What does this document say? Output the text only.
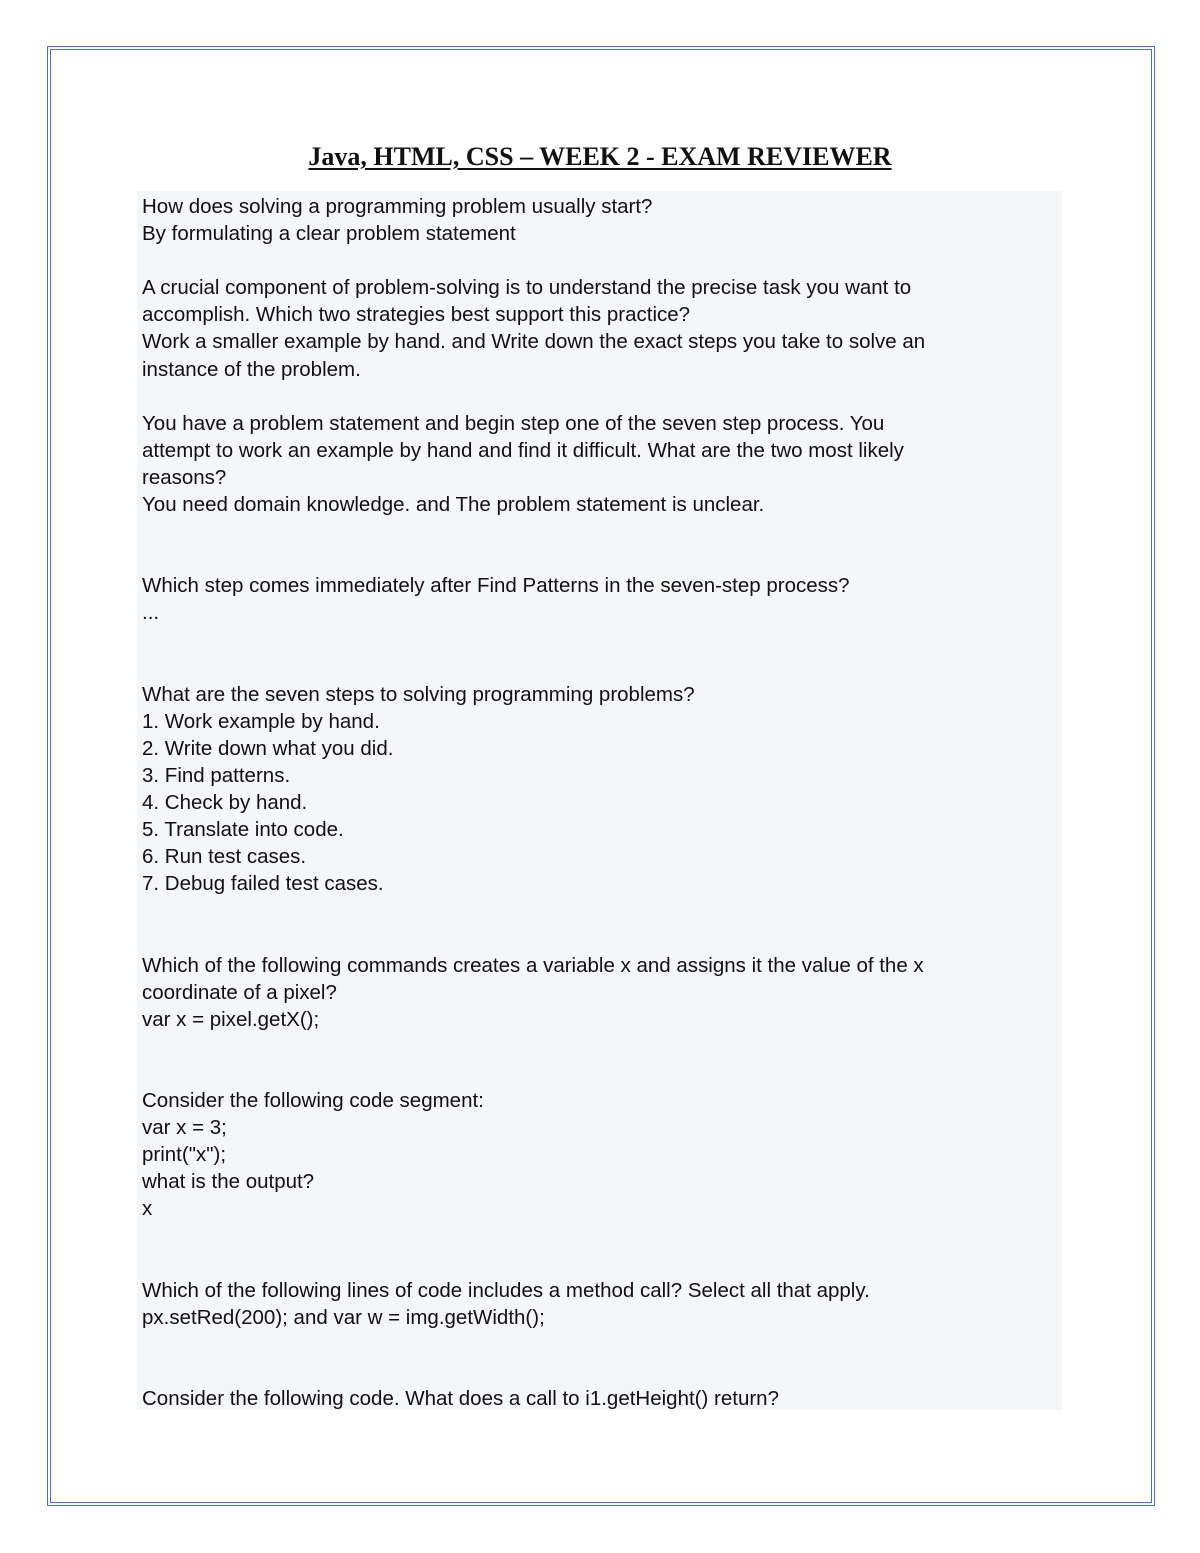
Java, HTML, CSS – WEEK 2 - EXAM REVIEWER
How does solving a programming problem usually start?
By formulating a clear problem statement
A crucial component of problem-solving is to understand the precise task you want to
accomplish. Which two strategies best support this practice?
Work a smaller example by hand. and Write down the exact steps you take to solve an
instance of the problem.
You have a problem statement and begin step one of the seven step process. You
attempt to work an example by hand and find it difficult. What are the two most likely
reasons?
You need domain knowledge. and The problem statement is unclear.
Which step comes immediately after Find Patterns in the seven-step process?
...
What are the seven steps to solving programming problems?
1. Work example by hand.
2. Write down what you did.
3. Find patterns.
4. Check by hand.
5. Translate into code.
6. Run test cases.
7. Debug failed test cases.
Which of the following commands creates a variable x and assigns it the value of the x
coordinate of a pixel?
var x = pixel.getX();
Consider the following code segment:
var x = 3;
print("x");
what is the output?
x
Which of the following lines of code includes a method call? Select all that apply.
px.setRed(200); and var w = img.getWidth();
Consider the following code. What does a call to i1.getHeight() return?
